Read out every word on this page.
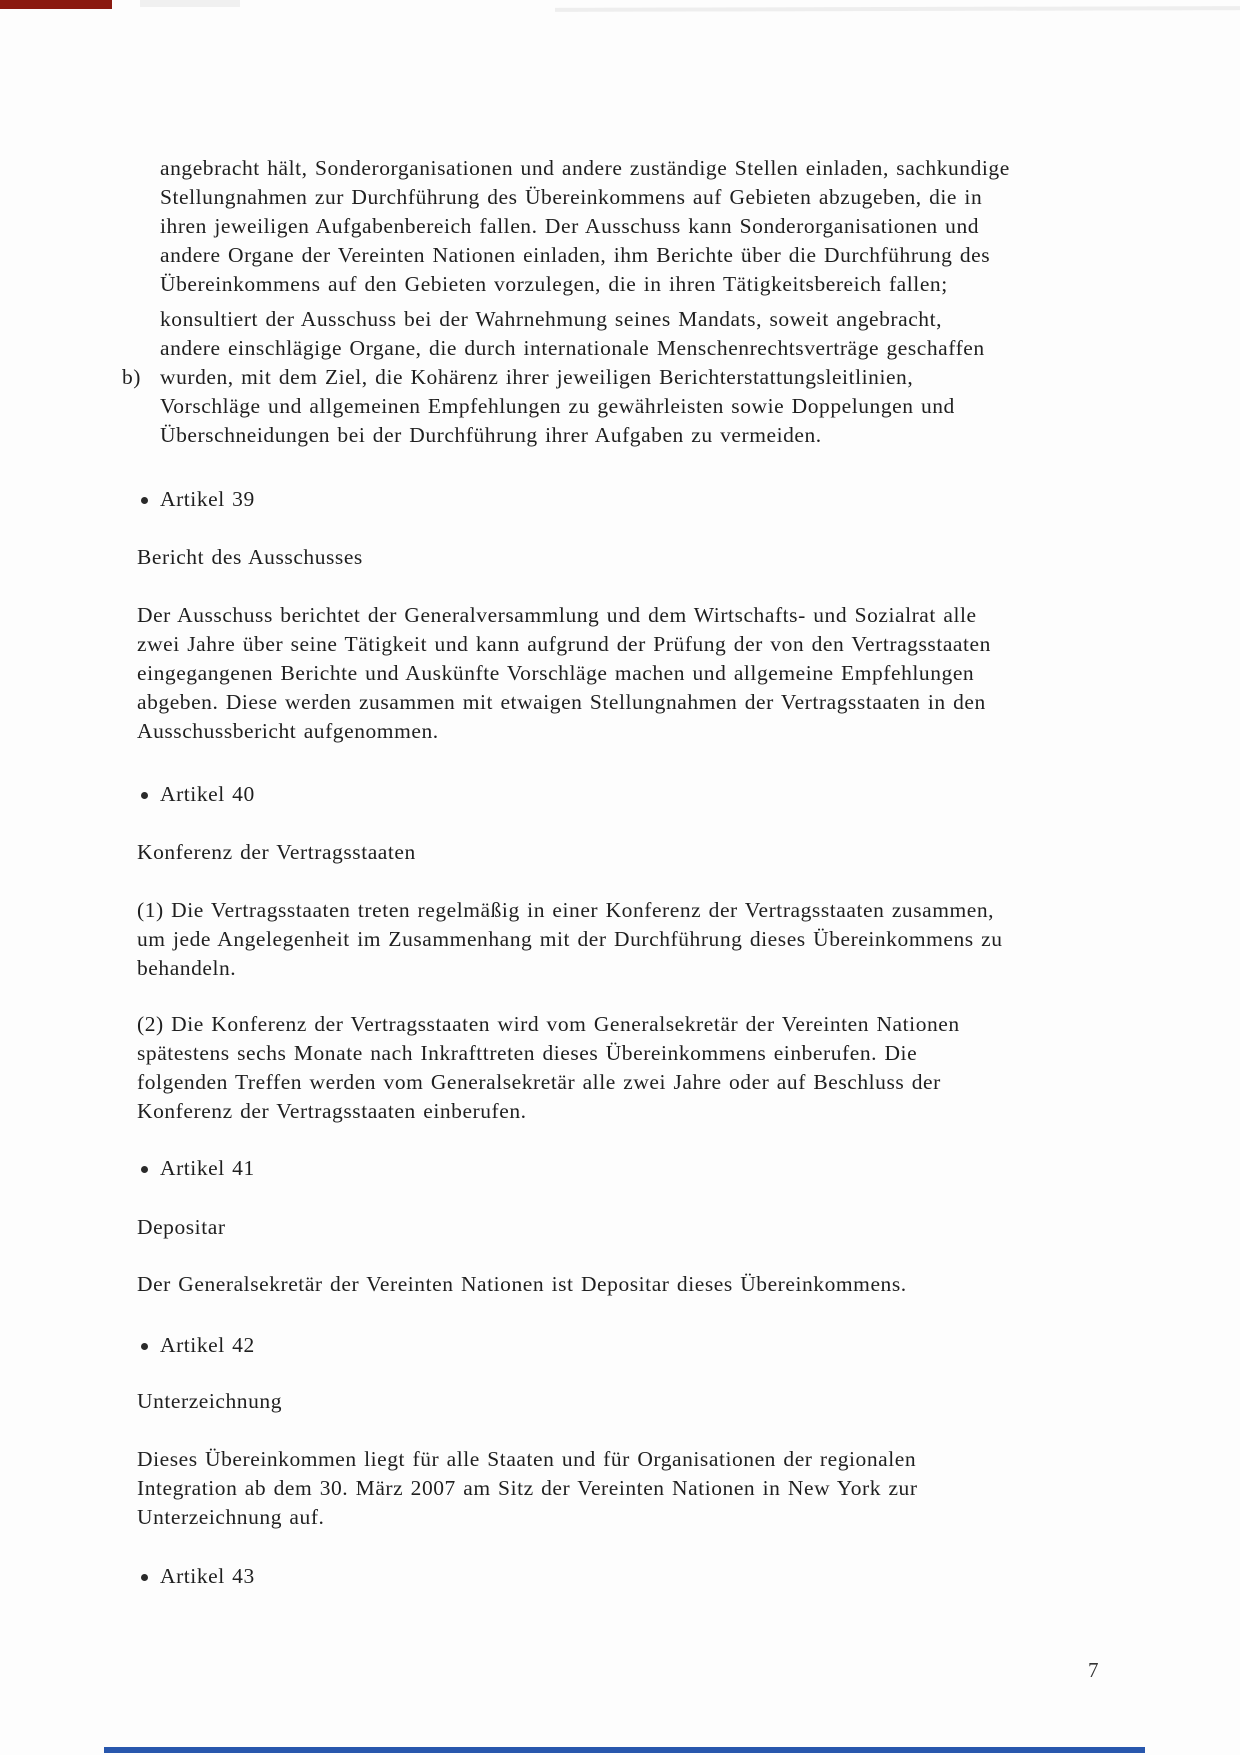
angebracht hält, Sonderorganisationen und andere zuständige Stellen einladen, sachkundige
Stellungnahmen zur Durchführung des Übereinkommens auf Gebieten abzugeben, die in
ihren jeweiligen Aufgabenbereich fallen. Der Ausschuss kann Sonderorganisationen und
andere Organe der Vereinten Nationen einladen, ihm Berichte über die Durchführung des
Übereinkommens auf den Gebieten vorzulegen, die in ihren Tätigkeitsbereich fallen;
konsultiert der Ausschuss bei der Wahrnehmung seines Mandats, soweit angebracht,
andere einschlägige Organe, die durch internationale Menschenrechtsverträge geschaffen
b) wurden, mit dem Ziel, die Kohärenz ihrer jeweiligen Berichterstattungsleitlinien,
Vorschläge und allgemeinen Empfehlungen zu gewährleisten sowie Doppelungen und
Überschneidungen bei der Durchführung ihrer Aufgaben zu vermeiden.
Artikel 39
Bericht des Ausschusses
Der Ausschuss berichtet der Generalversammlung und dem Wirtschafts- und Sozialrat alle
zwei Jahre über seine Tätigkeit und kann aufgrund der Prüfung der von den Vertragsstaaten
eingegangenen Berichte und Auskünfte Vorschläge machen und allgemeine Empfehlungen
abgeben. Diese werden zusammen mit etwaigen Stellungnahmen der Vertragsstaaten in den
Ausschussbericht aufgenommen.
Artikel 40
Konferenz der Vertragsstaaten
(1) Die Vertragsstaaten treten regelmäßig in einer Konferenz der Vertragsstaaten zusammen,
um jede Angelegenheit im Zusammenhang mit der Durchführung dieses Übereinkommens zu
behandeln.
(2) Die Konferenz der Vertragsstaaten wird vom Generalsekretär der Vereinten Nationen
spätestens sechs Monate nach Inkrafttreten dieses Übereinkommens einberufen. Die
folgenden Treffen werden vom Generalsekretär alle zwei Jahre oder auf Beschluss der
Konferenz der Vertragsstaaten einberufen.
Artikel 41
Depositar
Der Generalsekretär der Vereinten Nationen ist Depositar dieses Übereinkommens.
Artikel 42
Unterzeichnung
Dieses Übereinkommen liegt für alle Staaten und für Organisationen der regionalen
Integration ab dem 30. März 2007 am Sitz der Vereinten Nationen in New York zur
Unterzeichnung auf.
Artikel 43
7
